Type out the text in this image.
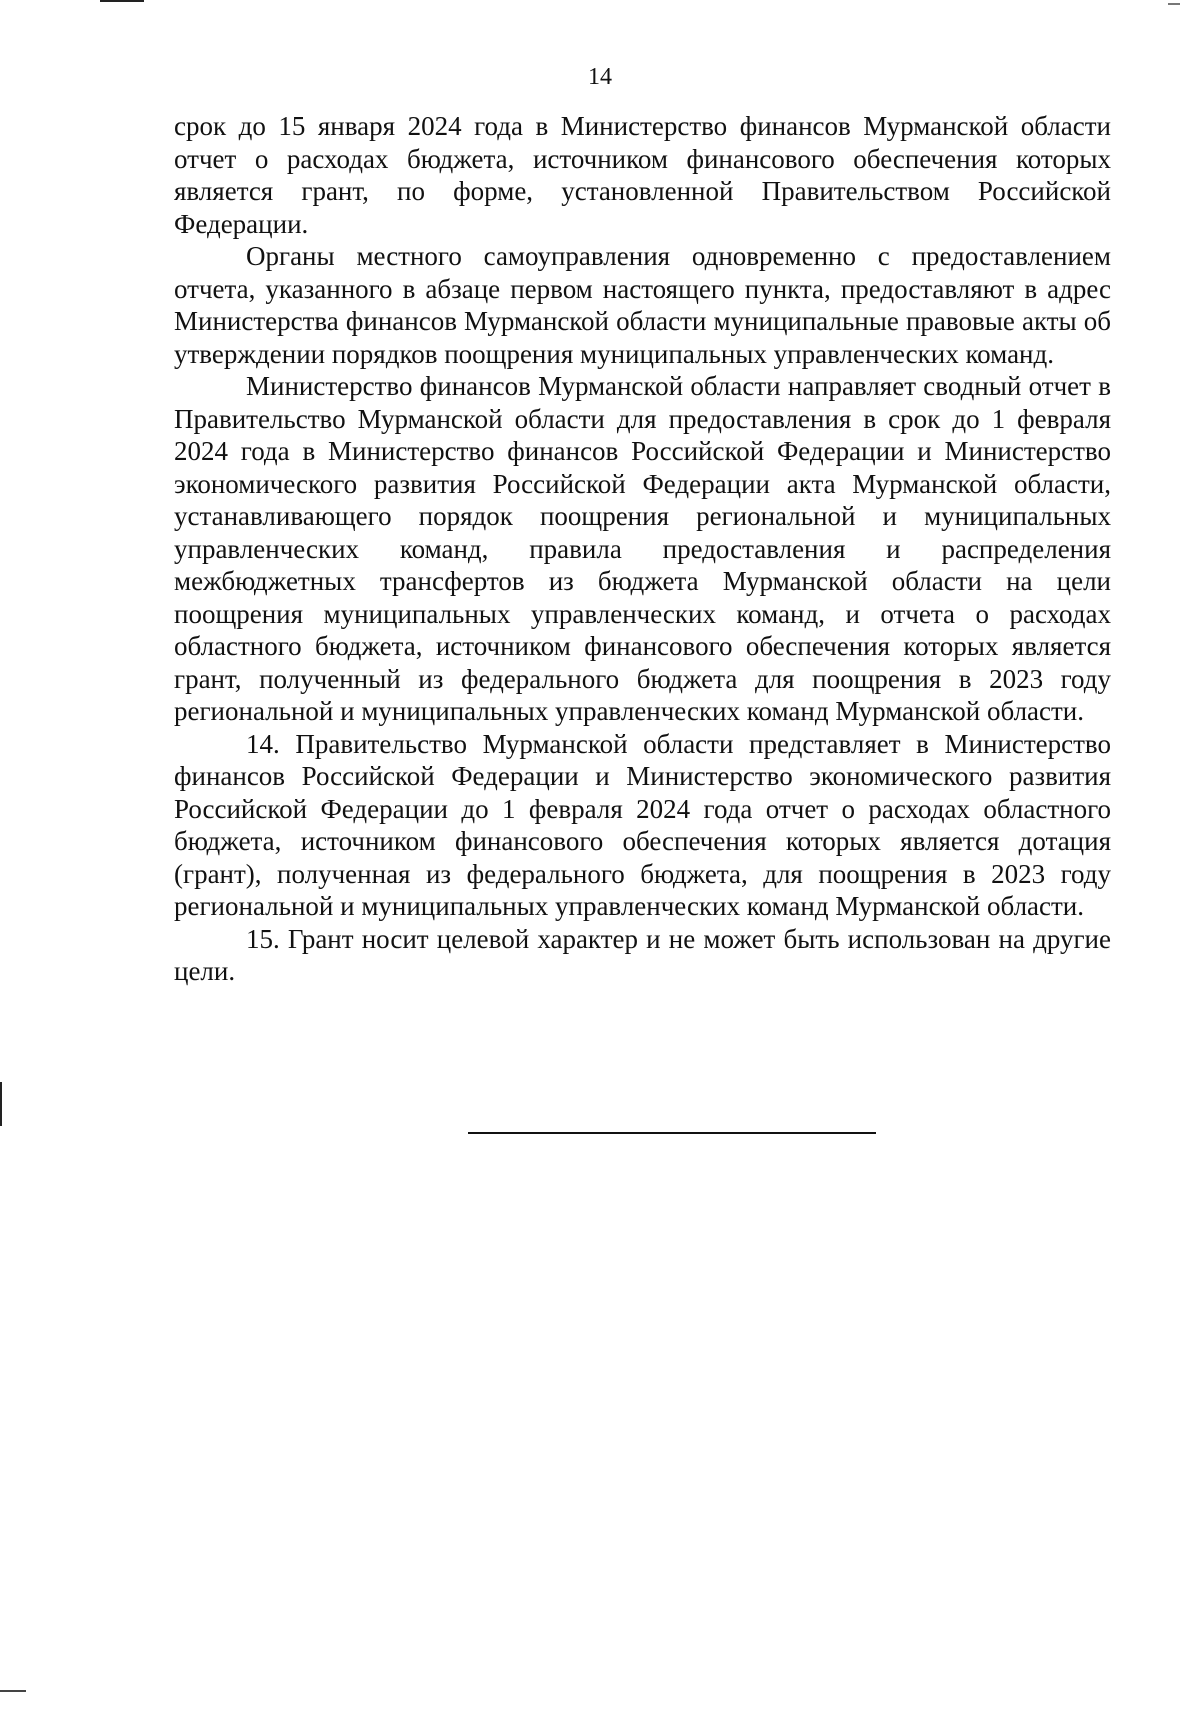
14

срок до 15 января 2024 года в Министерство финансов Мурманской области отчет о расходах бюджета, источником финансового обеспечения которых является грант, по форме, установленной Правительством Российской Федерации.

Органы местного самоуправления одновременно с предоставлением отчета, указанного в абзаце первом настоящего пункта, предоставляют в адрес Министерства финансов Мурманской области муниципальные правовые акты об утверждении порядков поощрения муниципальных управленческих команд.

Министерство финансов Мурманской области направляет сводный отчет в Правительство Мурманской области для предоставления в срок до 1 февраля 2024 года в Министерство финансов Российской Федерации и Министерство экономического развития Российской Федерации акта Мурманской области, устанавливающего порядок поощрения региональной и муниципальных управленческих команд, правила предоставления и распределения межбюджетных трансфертов из бюджета Мурманской области на цели поощрения муниципальных управленческих команд, и отчета о расходах областного бюджета, источником финансового обеспечения которых является грант, полученный из федерального бюджета для поощрения в 2023 году региональной и муниципальных управленческих команд Мурманской области.

14. Правительство Мурманской области представляет в Министерство финансов Российской Федерации и Министерство экономического развития Российской Федерации до 1 февраля 2024 года отчет о расходах областного бюджета, источником финансового обеспечения которых является дотация (грант), полученная из федерального бюджета, для поощрения в 2023 году региональной и муниципальных управленческих команд Мурманской области.

15. Грант носит целевой характер и не может быть использован на другие цели.
